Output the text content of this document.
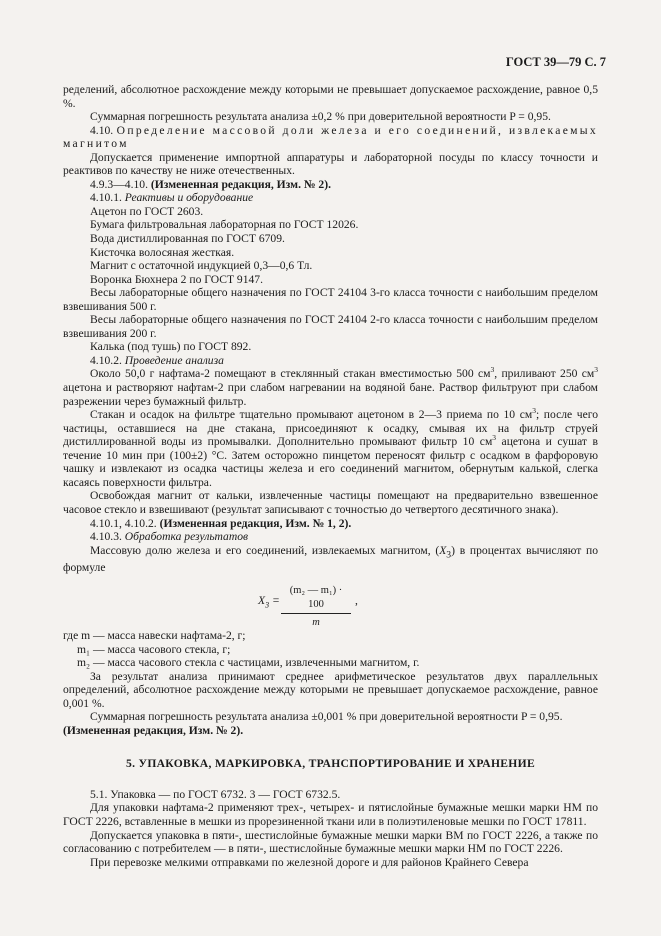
ГОСТ 39—79 С. 7

ределений, абсолютное расхождение между которыми не превышает допускаемое расхождение, равное 0,5 %.

Суммарная погрешность результата анализа ±0,2 % при доверительной вероятности P = 0,95.

4.10. Определение массовой доли железа и его соединений, извлекаемых магнитом

Допускается применение импортной аппаратуры и лабораторной посуды по классу точности и реактивов по качеству не ниже отечественных.

4.9.3—4.10. (Измененная редакция, Изм. № 2).

4.10.1. Реактивы и оборудование

Ацетон по ГОСТ 2603.

Бумага фильтровальная лабораторная по ГОСТ 12026.

Вода дистиллированная по ГОСТ 6709.

Кисточка волосяная жесткая.

Магнит с остаточной индукцией 0,3—0,6 Тл.

Воронка Бюхнера 2 по ГОСТ 9147.

Весы лабораторные общего назначения по ГОСТ 24104 3-го класса точности с наибольшим пределом взвешивания 500 г.

Весы лабораторные общего назначения по ГОСТ 24104 2-го класса точности с наибольшим пределом взвешивания 200 г.

Калька (под тушь) по ГОСТ 892.

4.10.2. Проведение анализа

Около 50,0 г нафтама-2 помещают в стеклянный стакан вместимостью 500 $см^3$, приливают 250 $см^3$ ацетона и растворяют нафтам-2 при слабом нагревании на водяной бане. Раствор фильтруют при слабом разрежении через бумажный фильтр.

Стакан и осадок на фильтре тщательно промывают ацетоном в 2—3 приема по 10 $см^3$; после чего частицы, оставшиеся на дне стакана, присоединяют к осадку, смывая их на фильтр струей дистиллированной воды из промывалки. Дополнительно промывают фильтр 10 $см^3$ ацетона и сушат в течение 10 мин при (100±2) °С. Затем осторожно пинцетом переносят фильтр с осадком в фарфоровую чашку и извлекают из осадка частицы железа и его соединений магнитом, обернутым калькой, слегка касаясь поверхности фильтра.

Освобождая магнит от кальки, извлеченные частицы помещают на предварительно взвешенное часовое стекло и взвешивают (результат записывают с точностью до четвертого десятичного знака).

4.10.1, 4.10.2. (Измененная редакция, Изм. № 1, 2).

4.10.3. Обработка результатов

Массовую долю железа и его соединений, извлекаемых магнитом, $(X_3)$ в процентах вычисляют по формуле

$X_3 = \frac{\text{(m₂ — m₁) · 100}}{m}$ ,

где m — масса навески нафтама-2, г;

m₁ — масса часового стекла, г;

m₂ — масса часового стекла с частицами, извлеченными магнитом, г.

За результат анализа принимают среднее арифметическое результатов двух параллельных определений, абсолютное расхождение между которыми не превышает допускаемое расхождение, равное 0,001 %.

Суммарная погрешность результата анализа ±0,001 % при доверительной вероятности P = 0,95.

(Измененная редакция, Изм. № 2).

5. УПАКОВКА, МАРКИРОВКА, ТРАНСПОРТИРОВАНИЕ И ХРАНЕНИЕ

5.1. Упаковка — по ГОСТ 6732. 3 — ГОСТ 6732.5.

Для упаковки нафтама-2 применяют трех-, четырех- и пятислойные бумажные мешки марки НМ по ГОСТ 2226, вставленные в мешки из прорезиненной ткани или в полиэтиленовые мешки по ГОСТ 17811.

Допускается упаковка в пяти-, шестислойные бумажные мешки марки ВМ по ГОСТ 2226, а также по согласованию с потребителем — в пяти-, шестислойные бумажные мешки марки НМ по ГОСТ 2226.

При перевозке мелкими отправками по железной дороге и для районов Крайнего Севера
